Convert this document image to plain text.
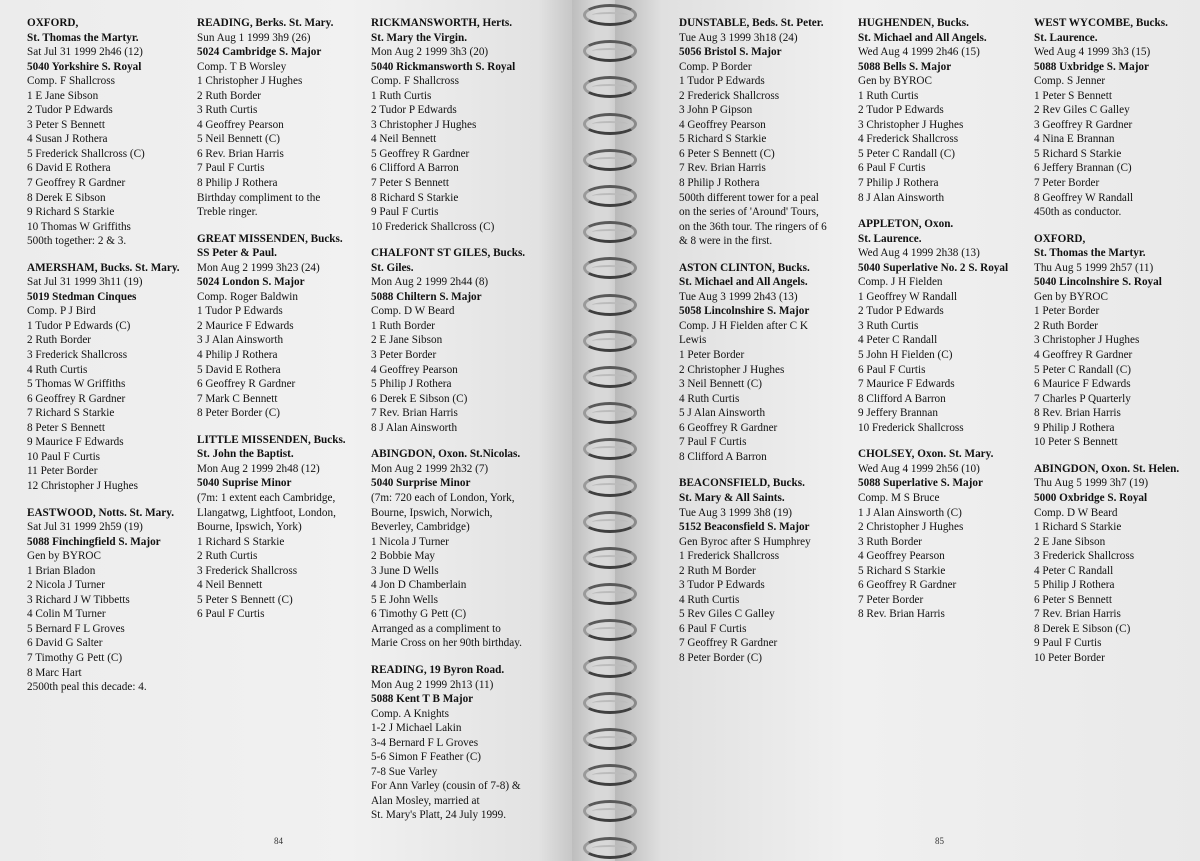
OXFORD,
St. Thomas the Martyr.
Sat Jul 31 1999 2h46 (12)
5040 Yorkshire S. Royal
Comp. F Shallcross
1 E Jane Sibson
2 Tudor P Edwards
3 Peter S Bennett
4 Susan J Rothera
5 Frederick Shallcross (C)
6 David E Rothera
7 Geoffrey R Gardner
8 Derek E Sibson
9 Richard S Starkie
10 Thomas W Griffiths
500th together: 2 & 3.
AMERSHAM, Bucks. St. Mary.
Sat Jul 31 1999 3h11 (19)
5019 Stedman Cinques
Comp. P J Bird
1 Tudor P Edwards (C)
2 Ruth Border
3 Frederick Shallcross
4 Ruth Curtis
5 Thomas W Griffiths
6 Geoffrey R Gardner
7 Richard S Starkie
8 Peter S Bennett
9 Maurice F Edwards
10 Paul F Curtis
11 Peter Border
12 Christopher J Hughes
EASTWOOD, Notts. St. Mary.
Sat Jul 31 1999 2h59 (19)
5088 Finchingfield S. Major
Gen by BYROC
1 Brian Bladon
2 Nicola J Turner
3 Richard J W Tibbetts
4 Colin M Turner
5 Bernard F L Groves
6 David G Salter
7 Timothy G Pett (C)
8 Marc Hart
2500th peal this decade: 4.
READING, Berks. St. Mary.
Sun Aug 1 1999 3h9 (26)
5024 Cambridge S. Major
Comp. T B Worsley
1 Christopher J Hughes
2 Ruth Border
3 Ruth Curtis
4 Geoffrey Pearson
5 Neil Bennett (C)
6 Rev. Brian Harris
7 Paul F Curtis
8 Philip J Rothera
Birthday compliment to the
Treble ringer.
GREAT MISSENDEN, Bucks.
SS Peter & Paul.
Mon Aug 2 1999 3h23 (24)
5024 London S. Major
Comp. Roger Baldwin
1 Tudor P Edwards
2 Maurice F Edwards
3 J Alan Ainsworth
4 Philip J Rothera
5 David E Rothera
6 Geoffrey R Gardner
7 Mark C Bennett
8 Peter Border (C)
LITTLE MISSENDEN, Bucks.
St. John the Baptist.
Mon Aug 2 1999 2h48 (12)
5040 Suprise Minor
(7m: 1 extent each Cambridge,
Llangatwg, Lightfoot, London,
Bourne, Ipswich, York)
1 Richard S Starkie
2 Ruth Curtis
3 Frederick Shallcross
4 Neil Bennett
5 Peter S Bennett (C)
6 Paul F Curtis
RICKMANSWORTH, Herts.
St. Mary the Virgin.
Mon Aug 2 1999 3h3 (20)
5040 Rickmansworth S. Royal
Comp. F Shallcross
1 Ruth Curtis
2 Tudor P Edwards
3 Christopher J Hughes
4 Neil Bennett
5 Geoffrey R Gardner
6 Clifford A Barron
7 Peter S Bennett
8 Richard S Starkie
9 Paul F Curtis
10 Frederick Shallcross (C)
CHALFONT ST GILES, Bucks.
St. Giles.
Mon Aug 2 1999 2h44 (8)
5088 Chiltern S. Major
Comp. D W Beard
1 Ruth Border
2 E Jane Sibson
3 Peter Border
4 Geoffrey Pearson
5 Philip J Rothera
6 Derek E Sibson (C)
7 Rev. Brian Harris
8 J Alan Ainsworth
ABINGDON, Oxon. St.Nicolas.
Mon Aug 2 1999 2h32 (7)
5040 Surprise Minor
(7m: 720 each of London, York,
Bourne, Ipswich, Norwich,
Beverley, Cambridge)
1 Nicola J Turner
2 Bobbie May
3 June D Wells
4 Jon D Chamberlain
5 E John Wells
6 Timothy G Pett (C)
Arranged as a compliment to
Marie Cross on her 90th birthday.
READING, 19 Byron Road.
Mon Aug 2 1999 2h13 (11)
5088 Kent T B Major
Comp. A Knights
1-2 J Michael Lakin
3-4 Bernard F L Groves
5-6 Simon F Feather (C)
7-8 Sue Varley
For Ann Varley (cousin of 7-8) &
Alan Mosley, married at
St. Mary's Platt, 24 July 1999.
84
DUNSTABLE, Beds. St. Peter.
Tue Aug 3 1999 3h18 (24)
5056 Bristol S. Major
Comp. P Border
1 Tudor P Edwards
2 Frederick Shallcross
3 John P Gipson
4 Geoffrey Pearson
5 Richard S Starkie
6 Peter S Bennett (C)
7 Rev. Brian Harris
8 Philip J Rothera
500th different tower for a peal
on the series of 'Around' Tours,
on the 36th tour. The ringers of 6
& 8 were in the first.
ASTON CLINTON, Bucks.
St. Michael and All Angels.
Tue Aug 3 1999 2h43 (13)
5058 Lincolnshire S. Major
Comp. J H Fielden after C K
Lewis
1 Peter Border
2 Christopher J Hughes
3 Neil Bennett (C)
4 Ruth Curtis
5 J Alan Ainsworth
6 Geoffrey R Gardner
7 Paul F Curtis
8 Clifford A Barron
BEACONSFIELD, Bucks.
St. Mary & All Saints.
Tue Aug 3 1999 3h8 (19)
5152 Beaconsfield S. Major
Gen Byroc after S Humphrey
1 Frederick Shallcross
2 Ruth M Border
3 Tudor P Edwards
4 Ruth Curtis
5 Rev Giles C Galley
6 Paul F Curtis
7 Geoffrey R Gardner
8 Peter Border (C)
HUGHENDEN, Bucks.
St. Michael and All Angels.
Wed Aug 4 1999 2h46 (15)
5088 Bells S. Major
Gen by BYROC
1 Ruth Curtis
2 Tudor P Edwards
3 Christopher J Hughes
4 Frederick Shallcross
5 Peter C Randall (C)
6 Paul F Curtis
7 Philip J Rothera
8 J Alan Ainsworth
APPLETON, Oxon.
St. Laurence.
Wed Aug 4 1999 2h38 (13)
5040 Superlative No. 2 S. Royal
Comp. J H Fielden
1 Geoffrey W Randall
2 Tudor P Edwards
3 Ruth Curtis
4 Peter C Randall
5 John H Fielden (C)
6 Paul F Curtis
7 Maurice F Edwards
8 Clifford A Barron
9 Jeffery Brannan
10 Frederick Shallcross
CHOLSEY, Oxon. St. Mary.
Wed Aug 4 1999 2h56 (10)
5088 Superlative S. Major
Comp. M S Bruce
1 J Alan Ainsworth (C)
2 Christopher J Hughes
3 Ruth Border
4 Geoffrey Pearson
5 Richard S Starkie
6 Geoffrey R Gardner
7 Peter Border
8 Rev. Brian Harris
WEST WYCOMBE, Bucks.
St. Laurence.
Wed Aug 4 1999 3h3 (15)
5088 Uxbridge S. Major
Comp. S Jenner
1 Peter S Bennett
2 Rev Giles C Galley
3 Geoffrey R Gardner
4 Nina E Brannan
5 Richard S Starkie
6 Jeffery Brannan (C)
7 Peter Border
8 Geoffrey W Randall
450th as conductor.
OXFORD,
St. Thomas the Martyr.
Thu Aug 5 1999 2h57 (11)
5040 Lincolnshire S. Royal
Gen by BYROC
1 Peter Border
2 Ruth Border
3 Christopher J Hughes
4 Geoffrey R Gardner
5 Peter C Randall (C)
6 Maurice F Edwards
7 Charles P Quarterly
8 Rev. Brian Harris
9 Philip J Rothera
10 Peter S Bennett
ABINGDON, Oxon. St. Helen.
Thu Aug 5 1999 3h7 (19)
5000 Oxbridge S. Royal
Comp. D W Beard
1 Richard S Starkie
2 E Jane Sibson
3 Frederick Shallcross
4 Peter C Randall
5 Philip J Rothera
6 Peter S Bennett
7 Rev. Brian Harris
8 Derek E Sibson (C)
9 Paul F Curtis
10 Peter Border
85
